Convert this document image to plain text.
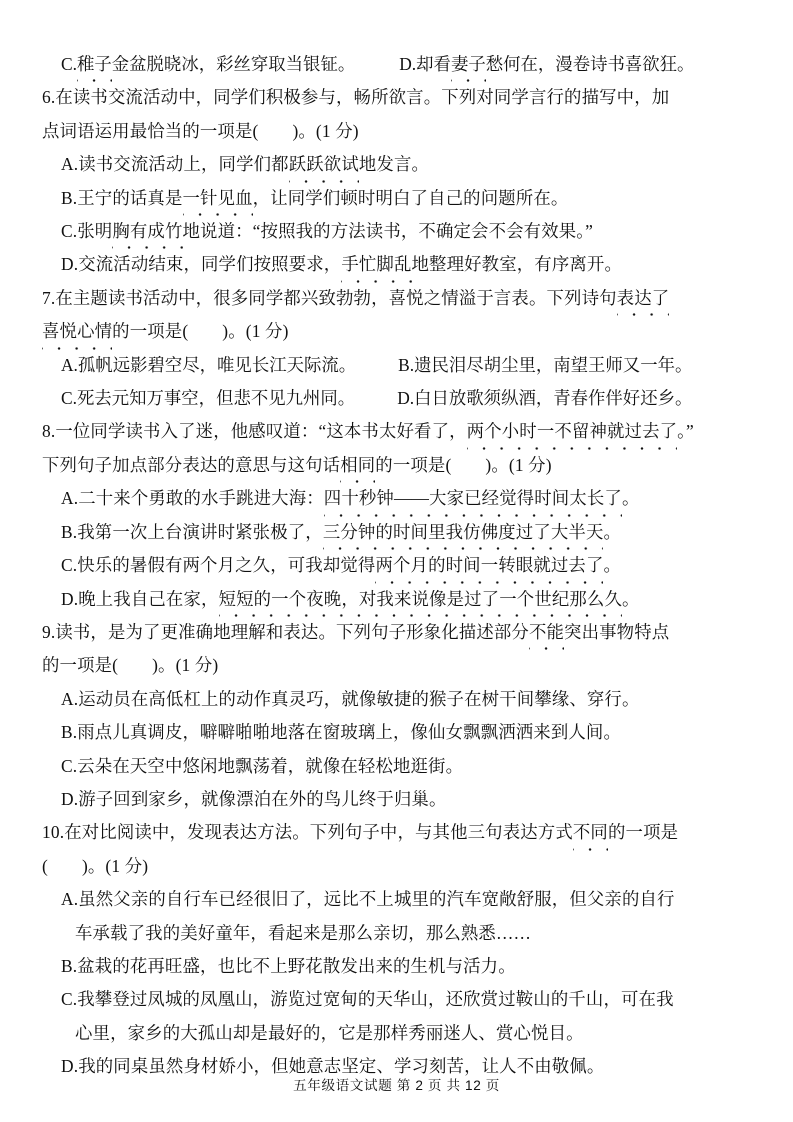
C.稚子金盆脱晓冰，彩丝穿取当银钲。	D.却看妻子愁何在，漫卷诗书喜欲狂。
6.在读书交流活动中，同学们积极参与，畅所欲言。下列对同学言行的描写中，加
点词语运用最恰当的一项是( )。(1 分)
A.读书交流活动上，同学们都跃跃欲试地发言。
B.王宁的话真是一针见血，让同学们顿时明白了自己的问题所在。
C.张明胸有成竹地说道：“按照我的方法读书，不确定会不会有效果。”
D.交流活动结束，同学们按照要求，手忙脚乱地整理好教室，有序离开。
7.在主题读书活动中，很多同学都兴致勃勃，喜悦之情溢于言表。下列诗句表达了
喜悦心情的一项是( )。(1 分)
A.孤帆远影碧空尽，唯见长江天际流。 B.遗民泪尽胡尘里，南望王师又一年。
C.死去元知万事空，但悲不见九州同。 D.白日放歌须纵酒，青春作伴好还乡。
8.一位同学读书入了迷，他感叹道：“这本书太好看了，两个小时一不留神就过去了。”
下列句子加点部分表达的意思与这句话相同的一项是( )。(1 分)
A.二十来个勇敢的水手跳进大海：四十秒钟——大家已经觉得时间太长了。
B.我第一次上台演讲时紧张极了，三分钟的时间里我仿佛度过了大半天。
C.快乐的暑假有两个月之久，可我却觉得两个月的时间一转眼就过去了。
D.晚上我自己在家，短短的一个夜晚，对我来说像是过了一个世纪那么久。
9.读书，是为了更准确地理解和表达。下列句子形象化描述部分不能突出事物特点
的一项是( )。(1 分)
A.运动员在高低杠上的动作真灵巧，就像敏捷的猴子在树干间攀缘、穿行。
B.雨点儿真调皮，噼噼啪啪地落在窗玻璃上，像仙女飘飘洒洒来到人间。
C.云朵在天空中悠闲地飘荡着，就像在轻松地逛街。
D.游子回到家乡，就像漂泊在外的鸟儿终于归巢。
10.在对比阅读中，发现表达方法。下列句子中，与其他三句表达方式不同的一项是
( )。(1 分)
A.虽然父亲的自行车已经很旧了，远比不上城里的汽车宽敞舒服，但父亲的自行
车承载了我的美好童年，看起来是那么亲切，那么熟悉……
B.盆栽的花再旺盛，也比不上野花散发出来的生机与活力。
C.我攀登过凤城的凤凰山，游览过宽甸的天华山，还欣赏过鞍山的千山，可在我
心里，家乡的大孤山却是最好的，它是那样秀丽迷人、赏心悦目。
D.我的同桌虽然身材娇小，但她意志坚定、学习刻苦，让人不由敬佩。
五年级语文试题 第 2 页 共 12 页
